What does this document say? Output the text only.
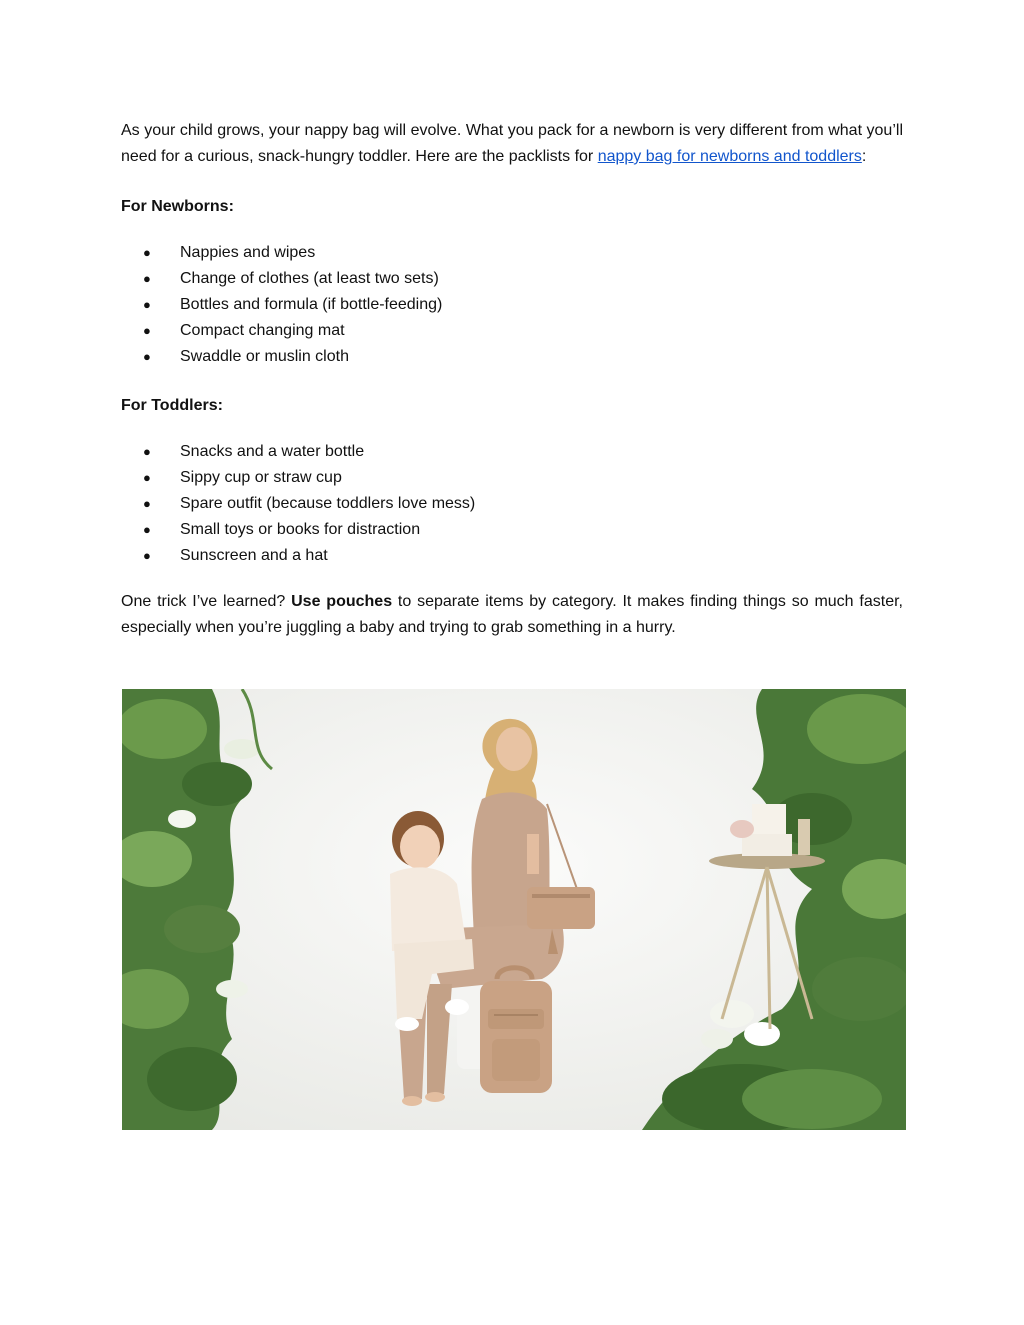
As your child grows, your nappy bag will evolve. What you pack for a newborn is very different from what you’ll need for a curious, snack-hungry toddler. Here are the packlists for nappy bag for newborns and toddlers:

For Newborns:

● Nappies and wipes
● Change of clothes (at least two sets)
● Bottles and formula (if bottle-feeding)
● Compact changing mat
● Swaddle or muslin cloth

For Toddlers:

● Snacks and a water bottle
● Sippy cup or straw cup
● Spare outfit (because toddlers love mess)
● Small toys or books for distraction
● Sunscreen and a hat

One trick I’ve learned? Use pouches to separate items by category. It makes finding things so much faster, especially when you’re juggling a baby and trying to grab something in a hurry.
